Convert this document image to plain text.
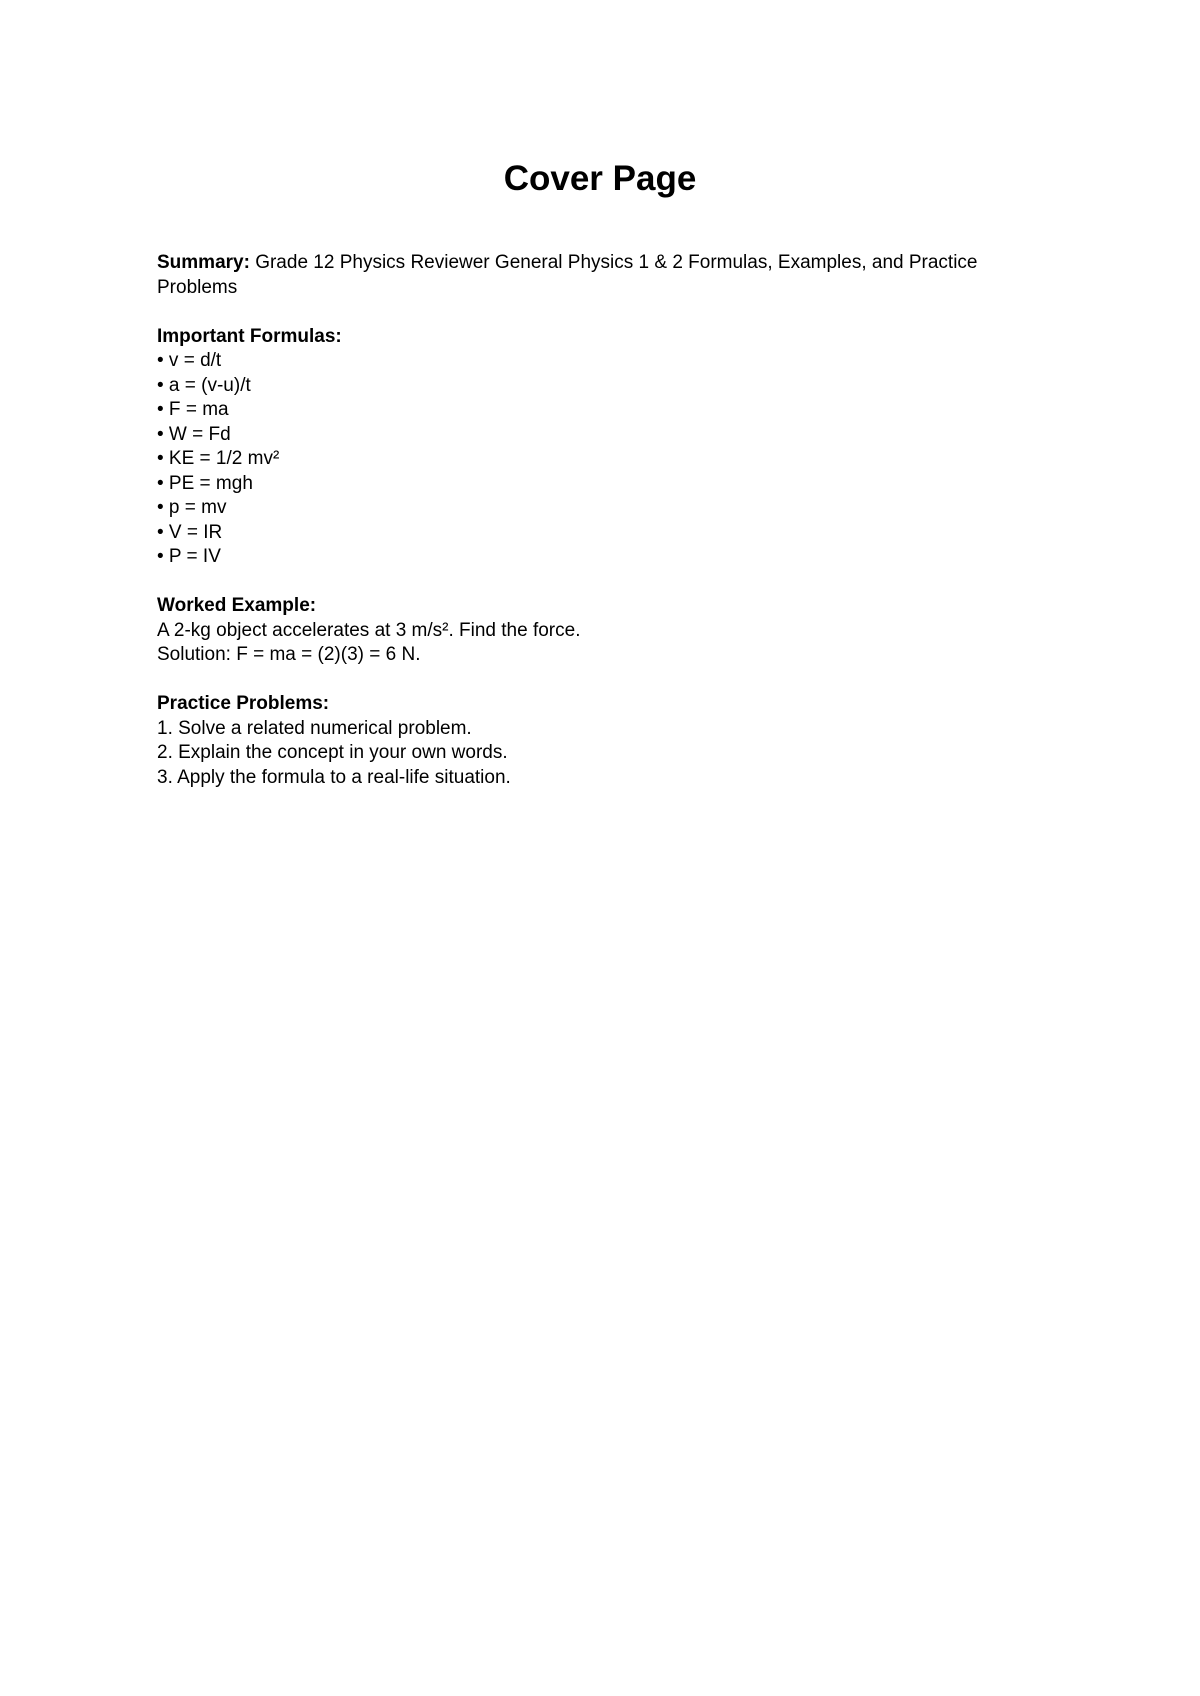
Cover Page
Summary: Grade 12 Physics Reviewer General Physics 1 & 2 Formulas, Examples, and Practice Problems
Important Formulas:
• v = d/t
• a = (v-u)/t
• F = ma
• W = Fd
• KE = 1/2 mv²
• PE = mgh
• p = mv
• V = IR
• P = IV
Worked Example:
A 2-kg object accelerates at 3 m/s². Find the force.
Solution: F = ma = (2)(3) = 6 N.
Practice Problems:
1. Solve a related numerical problem.
2. Explain the concept in your own words.
3. Apply the formula to a real-life situation.
